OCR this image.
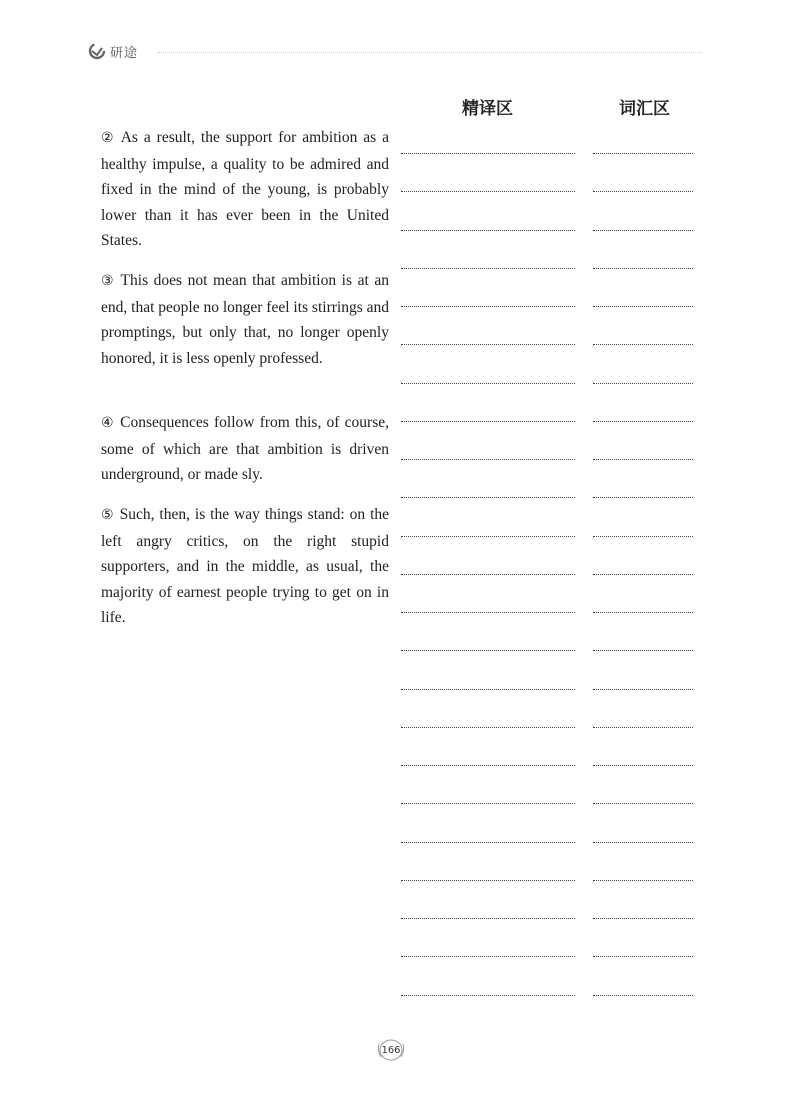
研途
精译区	词汇区

② As a result, the support for ambition as a healthy impulse, a quality to be admired and fixed in the mind of the young, is probably lower than it has ever been in the United States.

③ This does not mean that ambition is at an end, that people no longer feel its stirrings and promptings, but only that, no longer openly honored, it is less openly professed.

④ Consequences follow from this, of course, some of which are that ambition is driven underground, or made sly.

⑤ Such, then, is the way things stand: on the left angry critics, on the right stupid supporters, and in the middle, as usual, the majority of earnest people trying to get on in life.

166
